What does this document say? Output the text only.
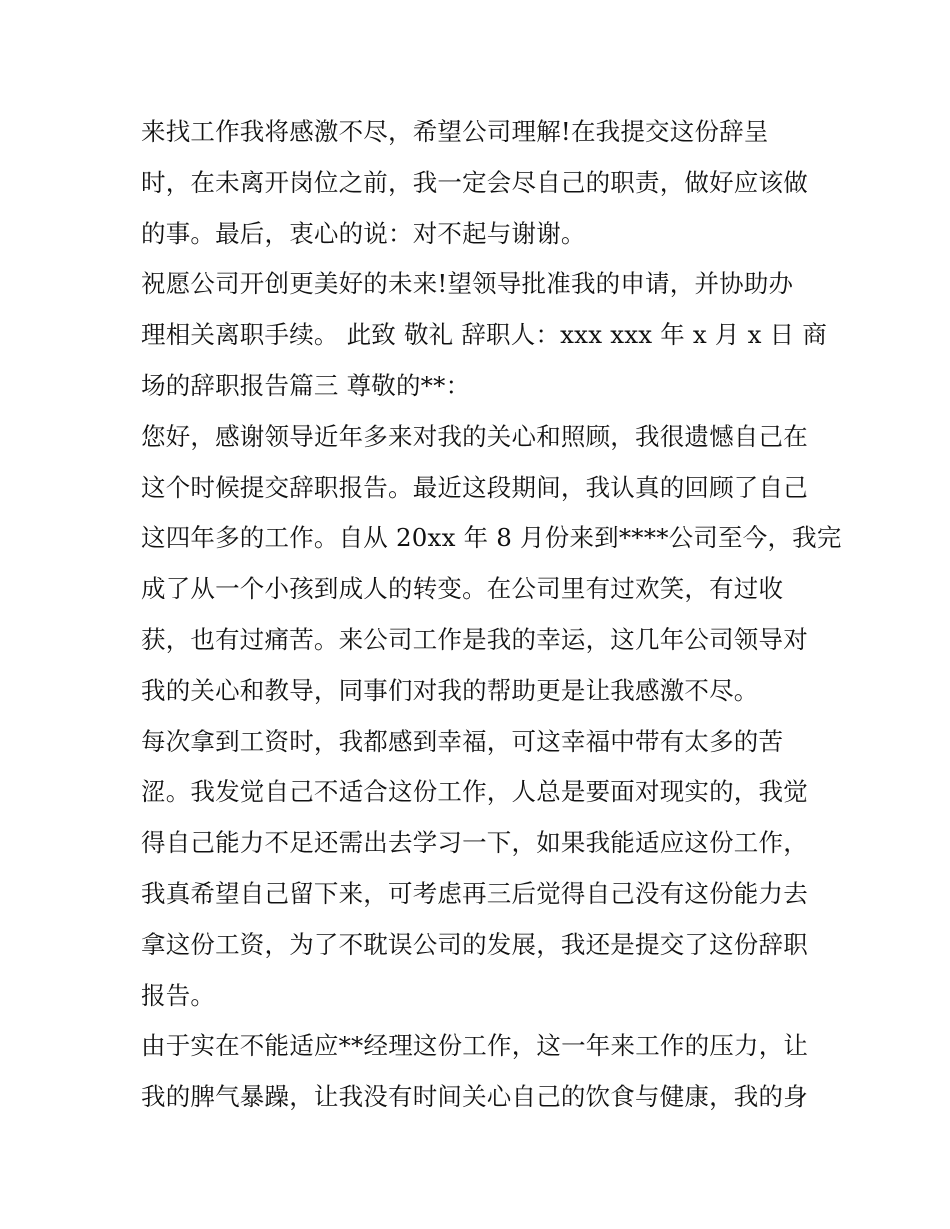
来找工作我将感激不尽，希望公司理解!在我提交这份辞呈
时，在未离开岗位之前，我一定会尽自己的职责，做好应该做
的事。最后，衷心的说：对不起与谢谢。
祝愿公司开创更美好的未来!望领导批准我的申请，并协助办
理相关离职手续。 此致 敬礼 辞职人：xxx xxx 年 x 月 x 日 商
场的辞职报告篇三 尊敬的**：
您好，感谢领导近年多来对我的关心和照顾，我很遗憾自己在
这个时候提交辞职报告。最近这段期间，我认真的回顾了自己
这四年多的工作。自从 20xx 年 8 月份来到****公司至今，我完
成了从一个小孩到成人的转变。在公司里有过欢笑，有过收
获，也有过痛苦。来公司工作是我的幸运，这几年公司领导对
我的关心和教导，同事们对我的帮助更是让我感激不尽。
每次拿到工资时，我都感到幸福，可这幸福中带有太多的苦
涩。我发觉自己不适合这份工作，人总是要面对现实的，我觉
得自己能力不足还需出去学习一下，如果我能适应这份工作，
我真希望自己留下来，可考虑再三后觉得自己没有这份能力去
拿这份工资，为了不耽误公司的发展，我还是提交了这份辞职
报告。
由于实在不能适应**经理这份工作，这一年来工作的压力，让
我的脾气暴躁，让我没有时间关心自己的饮食与健康，我的身
